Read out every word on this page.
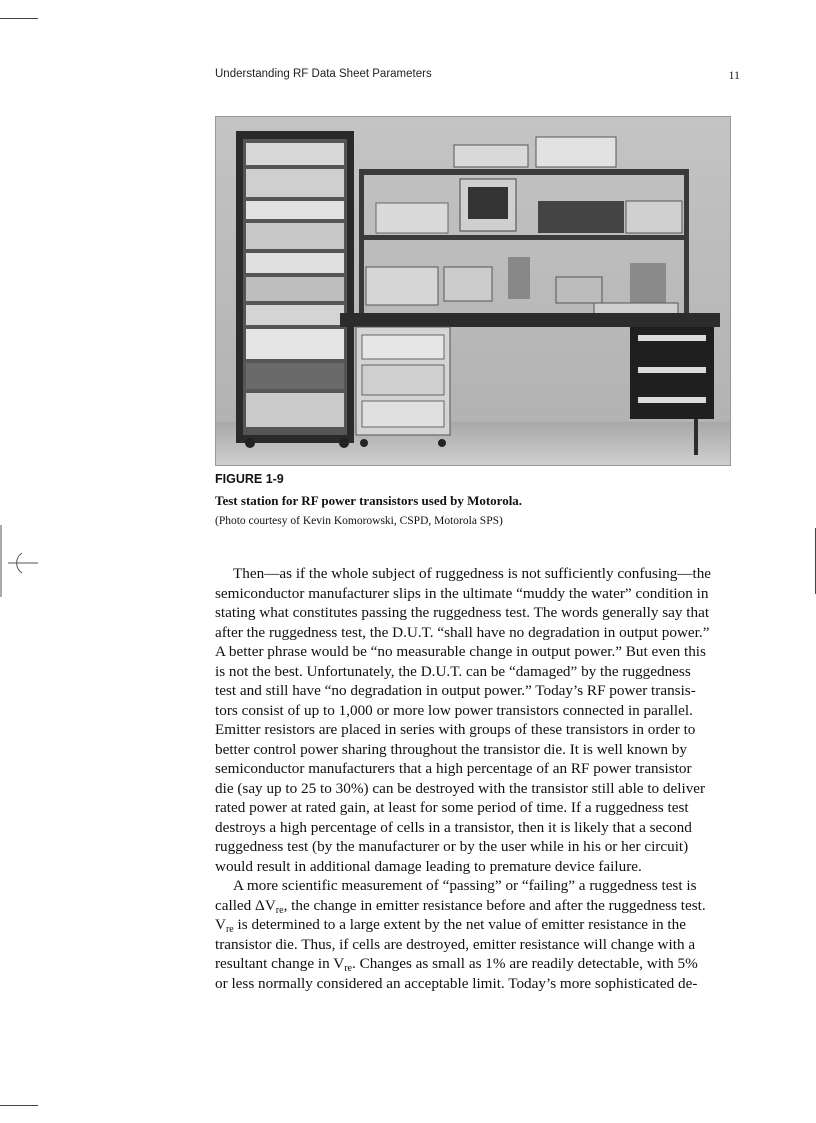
Understanding RF Data Sheet Parameters	11
FIGURE 1-9
Test station for RF power transistors used by Motorola.
(Photo courtesy of Kevin Komorowski, CSPD, Motorola SPS)
Then—as if the whole subject of ruggedness is not sufficiently confusing—the
semiconductor manufacturer slips in the ultimate “muddy the water” condition in
stating what constitutes passing the ruggedness test. The words generally say that
after the ruggedness test, the D.U.T. “shall have no degradation in output power.”
A better phrase would be “no measurable change in output power.” But even this
is not the best. Unfortunately, the D.U.T. can be “damaged” by the ruggedness
test and still have “no degradation in output power.” Today’s RF power transis-
tors consist of up to 1,000 or more low power transistors connected in parallel.
Emitter resistors are placed in series with groups of these transistors in order to
better control power sharing throughout the transistor die. It is well known by
semiconductor manufacturers that a high percentage of an RF power transistor
die (say up to 25 to 30%) can be destroyed with the transistor still able to deliver
rated power at rated gain, at least for some period of time. If a ruggedness test
destroys a high percentage of cells in a transistor, then it is likely that a second
ruggedness test (by the manufacturer or by the user while in his or her circuit)
would result in additional damage leading to premature device failure.
A more scientific measurement of “passing” or “failing” a ruggedness test is
called $\Delta V_{re}$, the change in emitter resistance before and after the ruggedness test.
$V_{re}$ is determined to a large extent by the net value of emitter resistance in the
transistor die. Thus, if cells are destroyed, emitter resistance will change with a
resultant change in $V_{re}$. Changes as small as 1% are readily detectable, with 5%
or less normally considered an acceptable limit. Today’s more sophisticated de-
